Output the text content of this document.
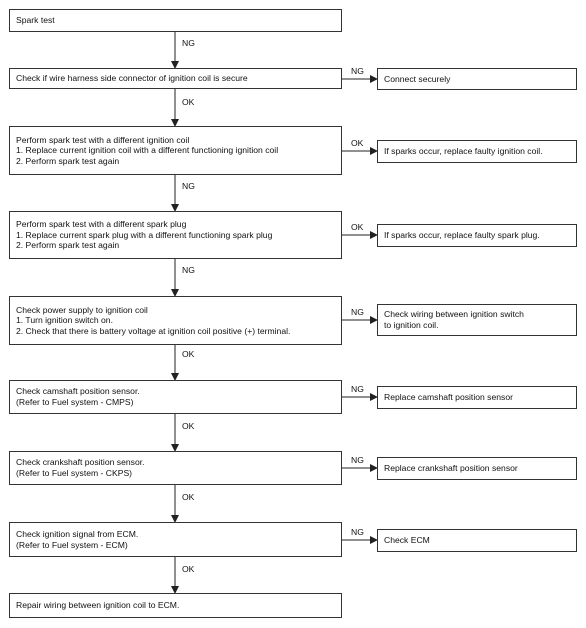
Spark test
Check if wire harness side connector of ignition coil is secure
Perform spark test with a different ignition coil
1. Replace current ignition coil with a different functioning ignition coil
2. Perform spark test again
Perform spark test with a different spark plug
1. Replace current spark plug with a different functioning spark plug
2. Perform spark test again
Check power supply to ignition coil
1. Turn ignition switch on.
2. Check that there is battery voltage at ignition coil positive (+) terminal.
Check camshaft position sensor.
(Refer to Fuel system - CMPS)
Check crankshaft position sensor.
(Refer to Fuel system - CKPS)
Check ignition signal from ECM.
(Refer to Fuel system - ECM)
Repair wiring between ignition coil to ECM.
NG
OK
NG
NG
OK
OK
OK
OK
NG
OK
OK
NG
NG
NG
NG
Connect securely
If sparks occur, replace faulty ignition coil.
If sparks occur, replace faulty spark plug.
Check wiring between ignition switch
to ignition coil.
Replace camshaft position sensor
Replace crankshaft position sensor
Check ECM
